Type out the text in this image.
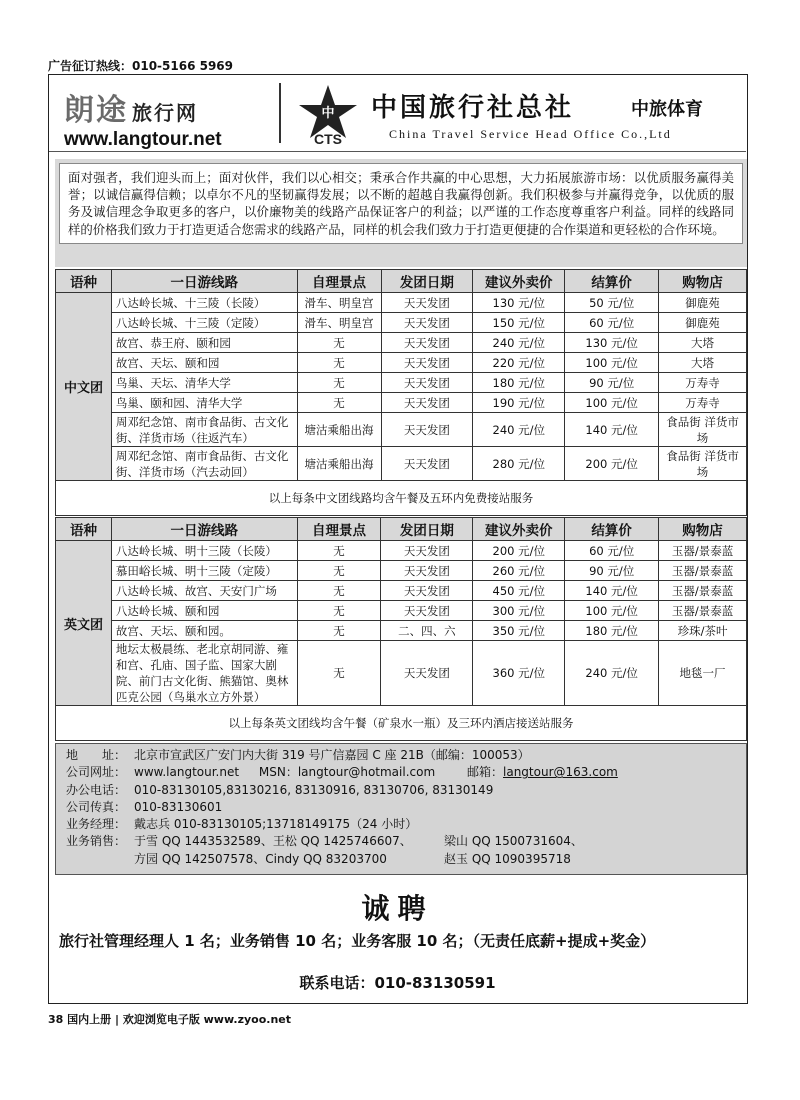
广告征订热线：010-5166 5969
朗途 旅行网
www.langtour.net
中
CTS
中国旅行社总社	中旅体育
China Travel Service Head Office Co.,Ltd
面对强者，我们迎头而上；面对伙伴，我们以心相交；秉承合作共赢的中心思想，大力拓展旅游市场：以优质服务赢得美誉；以诚信赢得信赖；以卓尔不凡的坚韧赢得发展；以不断的超越自我赢得创新。我们积极参与并赢得竞争，以优质的服务及诚信理念争取更多的客户，以价廉物美的线路产品保证客户的利益；以严谨的工作态度尊重客户利益。同样的线路同样的价格我们致力于打造更适合您需求的线路产品，同样的机会我们致力于打造更便捷的合作渠道和更轻松的合作环境。
语种	一日游线路	自理景点	发团日期	建议外卖价	结算价	购物店
中文团	八达岭长城、十三陵（长陵）	滑车、明皇宫	天天发团	130 元/位	50 元/位	御鹿苑
	八达岭长城、十三陵（定陵）	滑车、明皇宫	天天发团	150 元/位	60 元/位	御鹿苑
	故宫、恭王府、颐和园	无	天天发团	240 元/位	130 元/位	大塔
	故宫、天坛、颐和园	无	天天发团	220 元/位	100 元/位	大塔
	鸟巢、天坛、清华大学	无	天天发团	180 元/位	90 元/位	万寿寺
	鸟巢、颐和园、清华大学	无	天天发团	190 元/位	100 元/位	万寿寺
	周邓纪念馆、南市食品街、古文化街、洋货市场（往返汽车）	塘沽乘船出海	天天发团	240 元/位	140 元/位	食品街 洋货市场
	周邓纪念馆、南市食品街、古文化街、洋货市场（汽去动回）	塘沽乘船出海	天天发团	280 元/位	200 元/位	食品街 洋货市场
以上每条中文团线路均含午餐及五环内免费接站服务						
语种	一日游线路	自理景点	发团日期	建议外卖价	结算价	购物店
英文团	八达岭长城、明十三陵（长陵）	无	天天发团	200 元/位	60 元/位	玉器/景泰蓝
	慕田峪长城、明十三陵（定陵）	无	天天发团	260 元/位	90 元/位	玉器/景泰蓝
	八达岭长城、故宫、天安门广场	无	天天发团	450 元/位	140 元/位	玉器/景泰蓝
	八达岭长城、颐和园	无	天天发团	300 元/位	100 元/位	玉器/景泰蓝
	故宫、天坛、颐和园。	无	二、四、六	350 元/位	180 元/位	珍珠/茶叶
	地坛太极晨练、老北京胡同游、雍和宫、孔庙、国子监、国家大剧院、前门古文化街、熊猫馆、奥林匹克公园（鸟巢水立方外景）	无	天天发团	360 元/位	240 元/位	地毯一厂
以上每条英文团线均含午餐（矿泉水一瓶）及三环内酒店接送站服务						
地　　址： 北京市宣武区广安门内大街 319 号广信嘉园 C 座 21B（邮编：100053）
公司网址： www.langtour.net MSN：langtour@hotmail.com	邮箱：langtour@163.com
办公电话： 010-83130105,83130216, 83130916, 83130706, 83130149
公司传真： 010-83130601
业务经理： 戴志兵 010-83130105;13718149175（24 小时）
业务销售： 于雪 QQ 1443532589、王松 QQ 1425746607、	梁山 QQ 1500731604、
方园 QQ 142507578、Cindy QQ 83203700	赵玉 QQ 1090395718
诚聘
旅行社管理经理人 1 名；业务销售 10 名；业务客服 10 名；（无责任底薪+提成+奖金）
联系电话：010-83130591
38 国内上册 | 欢迎浏览电子版 www.zyoo.net
